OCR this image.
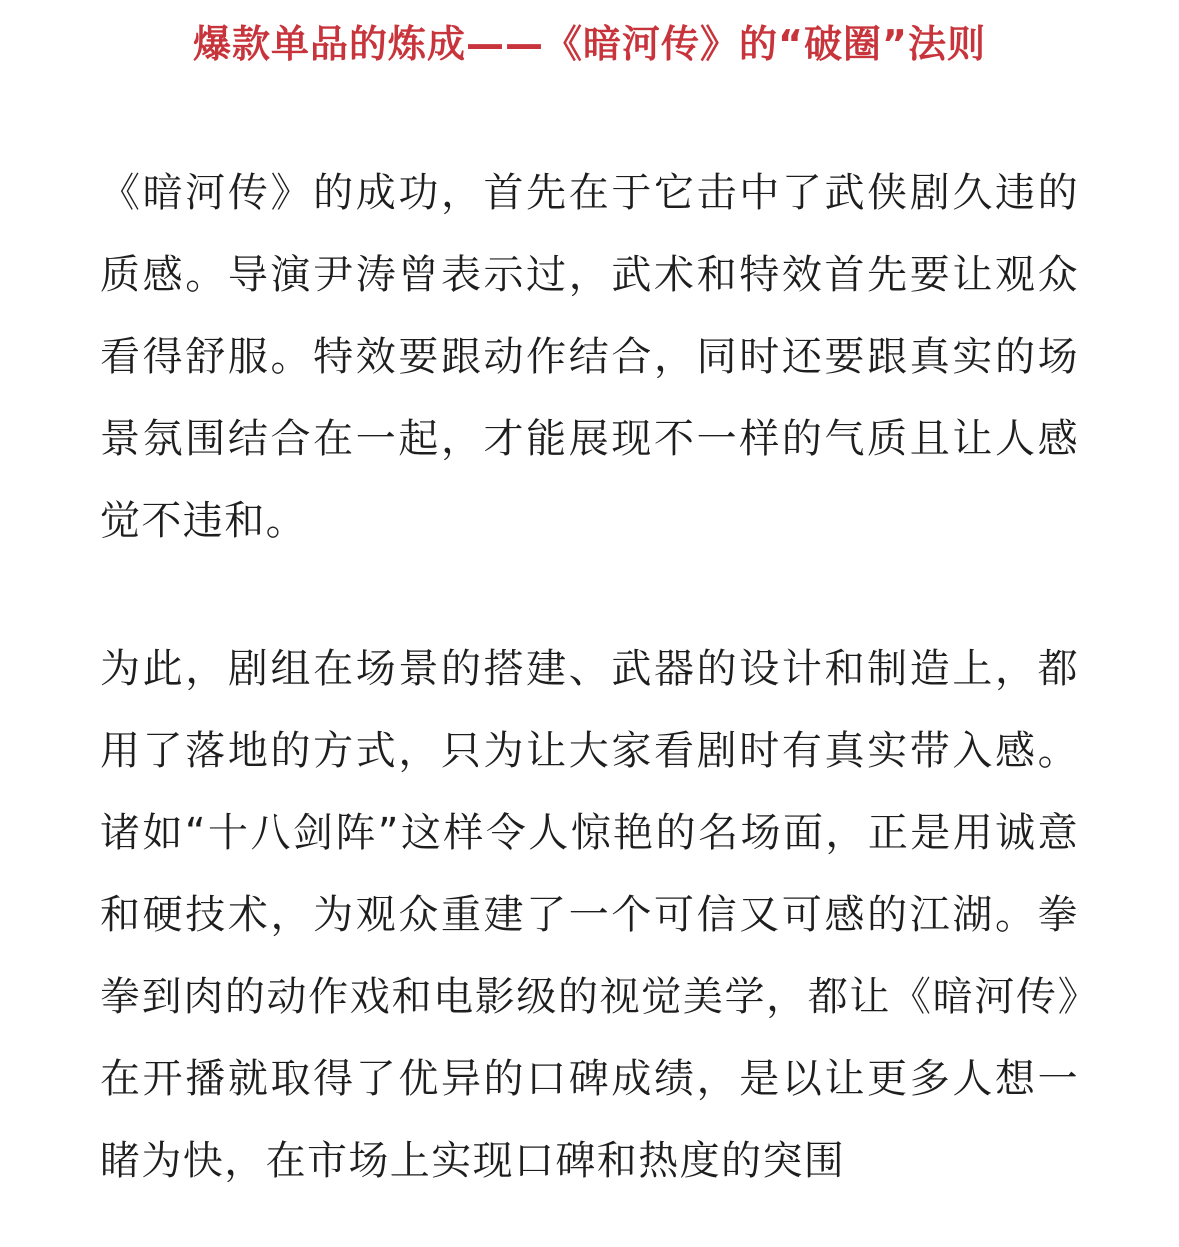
爆款单品的炼成——《暗河传》的“破圈”法则

《暗河传》的成功，首先在于它击中了武侠剧久违的质感。导演尹涛曾表示过，武术和特效首先要让观众看得舒服。特效要跟动作结合，同时还要跟真实的场景氛围结合在一起，才能展现不一样的气质且让人感觉不违和。

为此，剧组在场景的搭建、武器的设计和制造上，都用了落地的方式，只为让大家看剧时有真实带入感。诸如“十八剑阵”这样令人惊艳的名场面，正是用诚意和硬技术，为观众重建了一个可信又可感的江湖。拳拳到肉的动作戏和电影级的视觉美学，都让《暗河传》在开播就取得了优异的口碑成绩，是以让更多人想一睹为快，在市场上实现口碑和热度的突围
